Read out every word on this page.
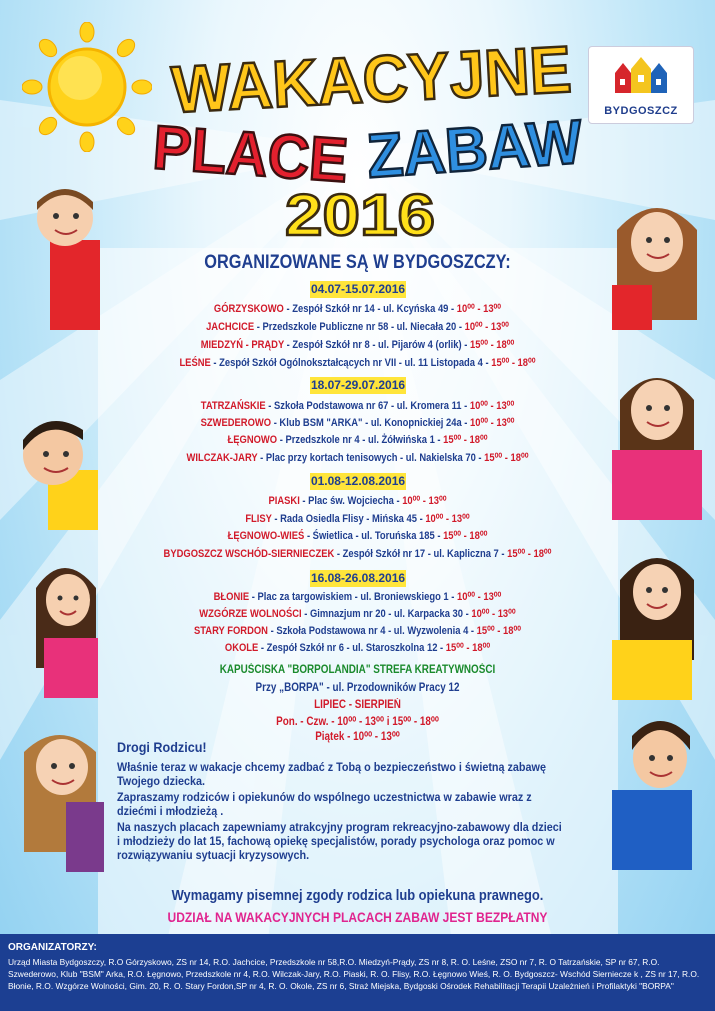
BYDGOSZCZ
WAKACYJNE
PLACE ZABAW
2016
ORGANIZOWANE SĄ W BYDGOSZCZY:
04.07-15.07.2016
GÓRZYSKOWO - Zespół Szkół nr 14 - ul. Kcyńska 49 - 10⁰⁰ - 13⁰⁰
JACHCICE - Przedszkole Publiczne nr 58 - ul. Niecała 20 - 10⁰⁰ - 13⁰⁰
MIEDZYŃ - PRĄDY - Zespół Szkół nr 8 - ul. Pijarów 4 (orlik) - 15⁰⁰ - 18⁰⁰
LEŚNE - Zespół Szkół Ogólnokształcących nr VII - ul. 11 Listopada 4 - 15⁰⁰ - 18⁰⁰
18.07-29.07.2016
TATRZAŃSKIE - Szkoła Podstawowa nr 67 - ul. Kromera 11 - 10⁰⁰ - 13⁰⁰
SZWEDEROWO - Klub BSM "ARKA" - ul. Konopnickiej 24a - 10⁰⁰ - 13⁰⁰
ŁĘGNOWO - Przedszkole nr 4 - ul. Żółwińska 1 - 15⁰⁰ - 18⁰⁰
WILCZAK-JARY - Plac przy kortach tenisowych - ul. Nakielska 70 - 15⁰⁰ - 18⁰⁰
01.08-12.08.2016
PIASKI - Plac św. Wojciecha - 10⁰⁰ - 13⁰⁰
FLISY - Rada Osiedla Flisy - Mińska 45 - 10⁰⁰ - 13⁰⁰
ŁĘGNOWO-WIEŚ - Świetlica - ul. Toruńska 185 - 15⁰⁰ - 18⁰⁰
BYDGOSZCZ WSCHÓD-SIERNIECZEK - Zespół Szkół nr 17 - ul. Kapliczna 7 - 15⁰⁰ - 18⁰⁰
16.08-26.08.2016
BŁONIE - Plac za targowiskiem - ul. Broniewskiego 1 - 10⁰⁰ - 13⁰⁰
WZGÓRZE WOLNOŚCI - Gimnazjum nr 20 - ul. Karpacka 30 - 10⁰⁰ - 13⁰⁰
STARY FORDON - Szkoła Podstawowa nr 4 - ul. Wyzwolenia 4 - 15⁰⁰ - 18⁰⁰
OKOLE - Zespół Szkół nr 6 - ul. Staroszkolna 12 - 15⁰⁰ - 18⁰⁰
KAPUŚCISKA "BORPOLANDIA" STREFA KREATYWNOŚCI
Przy „BORPA" - ul. Przodowników Pracy 12
LIPIEC - SIERPIEŃ
Pon. - Czw. - 10⁰⁰ - 13⁰⁰ i 15⁰⁰ - 18⁰⁰
Piątek - 10⁰⁰ - 13⁰⁰

Drogi Rodzicu!

Właśnie teraz w wakacje chcemy zadbać z Tobą o bezpieczeństwo i świetną zabawę Twojego dziecka.

Zapraszamy rodziców i opiekunów do wspólnego uczestnictwa w zabawie wraz z dziećmi i młodzieżą .

Na naszych placach zapewniamy atrakcyjny program rekreacyjno-zabawowy dla dzieci i młodzieży do lat 15, fachową opiekę specjalistów, porady psychologa oraz pomoc w rozwiązywaniu sytuacji kryzysowych.

Wymagamy pisemnej zgody rodzica lub opiekuna prawnego.
UDZIAŁ NA WAKACYJNYCH PLACACH ZABAW JEST BEZPŁATNY
ORGANIZATORZY:
Urząd Miasta Bydgoszczy, R.O Górzyskowo, ZS nr 14, R.O. Jachcice, Przedszkole nr 58,R.O. Miedzyń-Prądy, ZS nr 8, R. O. Leśne, ZSO nr 7, R. O Tatrzańskie, SP nr 67, R.O. Szwederowo, Klub "BSM" Arka, R.O. Łęgnowo, Przedszkole nr 4, R.O. Wilczak-Jary, R.O. Piaski, R. O. Flisy, R.O. Łęgnowo Wieś, R. O. Bydgoszcz- Wschód Sierniecze k , ZS nr 17, R.O. Błonie, R.O. Wzgórze Wolności, Gim. 20, R. O. Stary Fordon,SP nr 4, R. O. Okole, ZS nr 6, Straż Miejska, Bydgoski Ośrodek Rehabilitacji Terapii Uzależnień i Profilaktyki "BORPA"
